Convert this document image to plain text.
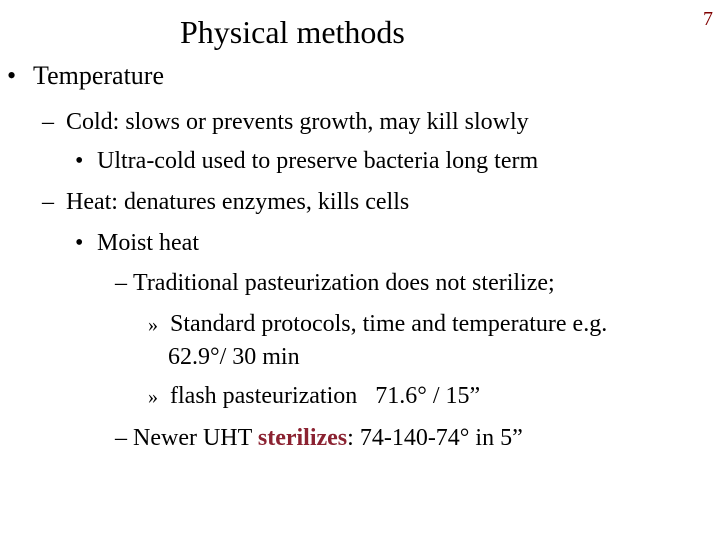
Physical methods	7
• Temperature
– Cold: slows or prevents growth, may kill slowly
• Ultra-cold used to preserve bacteria long term
– Heat: denatures enzymes, kills cells
• Moist heat
– Traditional pasteurization does not sterilize;
» Standard protocols, time and temperature e.g.
62.9°/ 30 min
» flash pasteurization   71.6° / 15”
– Newer UHT sterilizes: 74-140-74° in 5”
